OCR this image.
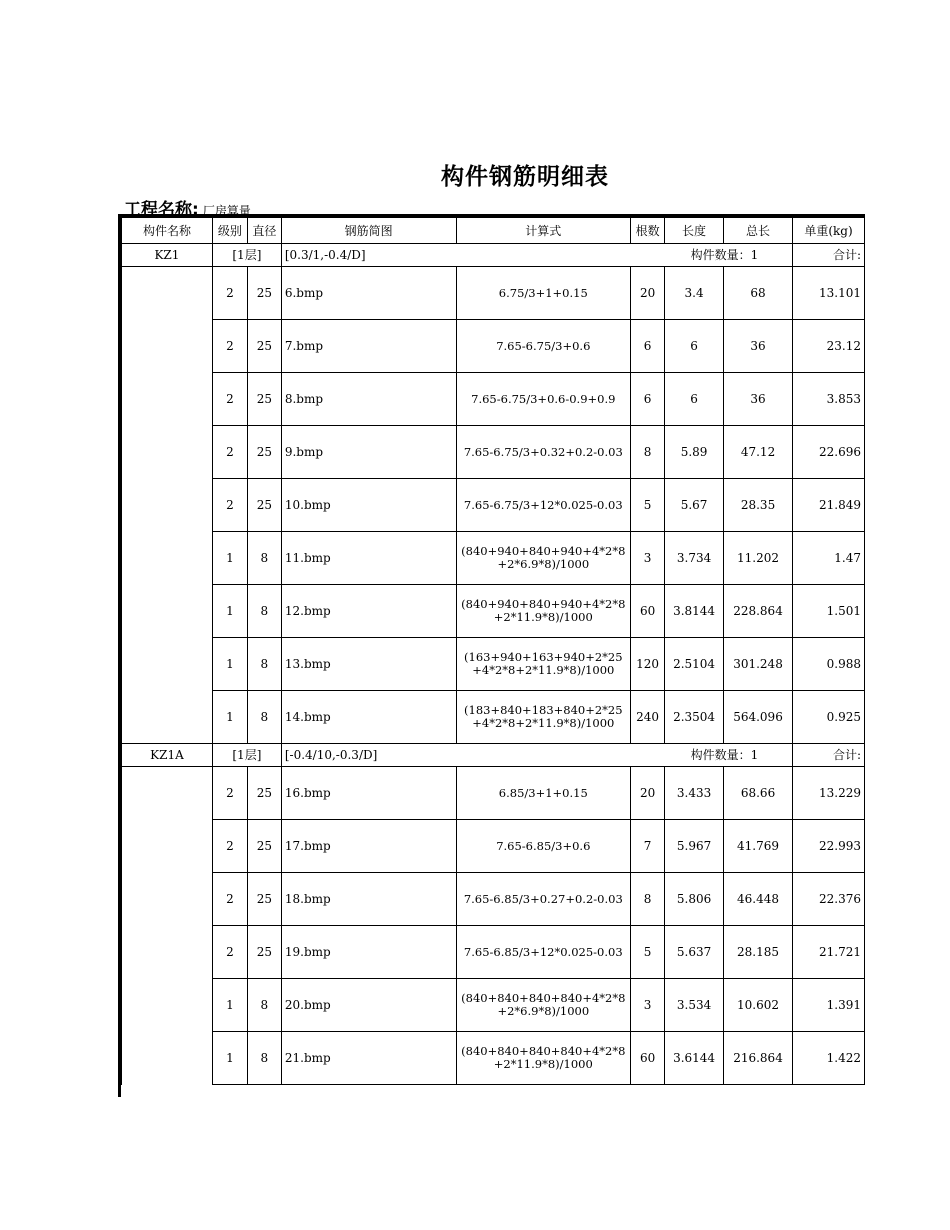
构件钢筋明细表
工程名称: 厂房算量
构件名称	级别	直径	钢筋简图	计算式	根数	长度	总长	单重(kg)
KZ1	[1层]		[0.3/1,-0.4/D]			构件数量：1		合计:
	2	25	6.bmp	6.75/3+1+0.15	20	3.4	68	13.101
	2	25	7.bmp	7.65-6.75/3+0.6	6	6	36	23.12
	2	25	8.bmp	7.65-6.75/3+0.6-0.9+0.9	6	6	36	3.853
	2	25	9.bmp	7.65-6.75/3+0.32+0.2-0.03	8	5.89	47.12	22.696
	2	25	10.bmp	7.65-6.75/3+12*0.025-0.03	5	5.67	28.35	21.849
	1	8	11.bmp	(840+940+840+940+4*2*8+2*6.9*8)/1000	3	3.734	11.202	1.47
	1	8	12.bmp	(840+940+840+940+4*2*8+2*11.9*8)/1000	60	3.8144	228.864	1.501
	1	8	13.bmp	(163+940+163+940+2*25+4*2*8+2*11.9*8)/1000	120	2.5104	301.248	0.988
	1	8	14.bmp	(183+840+183+840+2*25+4*2*8+2*11.9*8)/1000	240	2.3504	564.096	0.925
KZ1A	[1层]		[-0.4/10,-0.3/D]			构件数量：1		合计:
	2	25	16.bmp	6.85/3+1+0.15	20	3.433	68.66	13.229
	2	25	17.bmp	7.65-6.85/3+0.6	7	5.967	41.769	22.993
	2	25	18.bmp	7.65-6.85/3+0.27+0.2-0.03	8	5.806	46.448	22.376
	2	25	19.bmp	7.65-6.85/3+12*0.025-0.03	5	5.637	28.185	21.721
	1	8	20.bmp	(840+840+840+840+4*2*8+2*6.9*8)/1000	3	3.534	10.602	1.391
	1	8	21.bmp	(840+840+840+840+4*2*8+2*11.9*8)/1000	60	3.6144	216.864	1.422
